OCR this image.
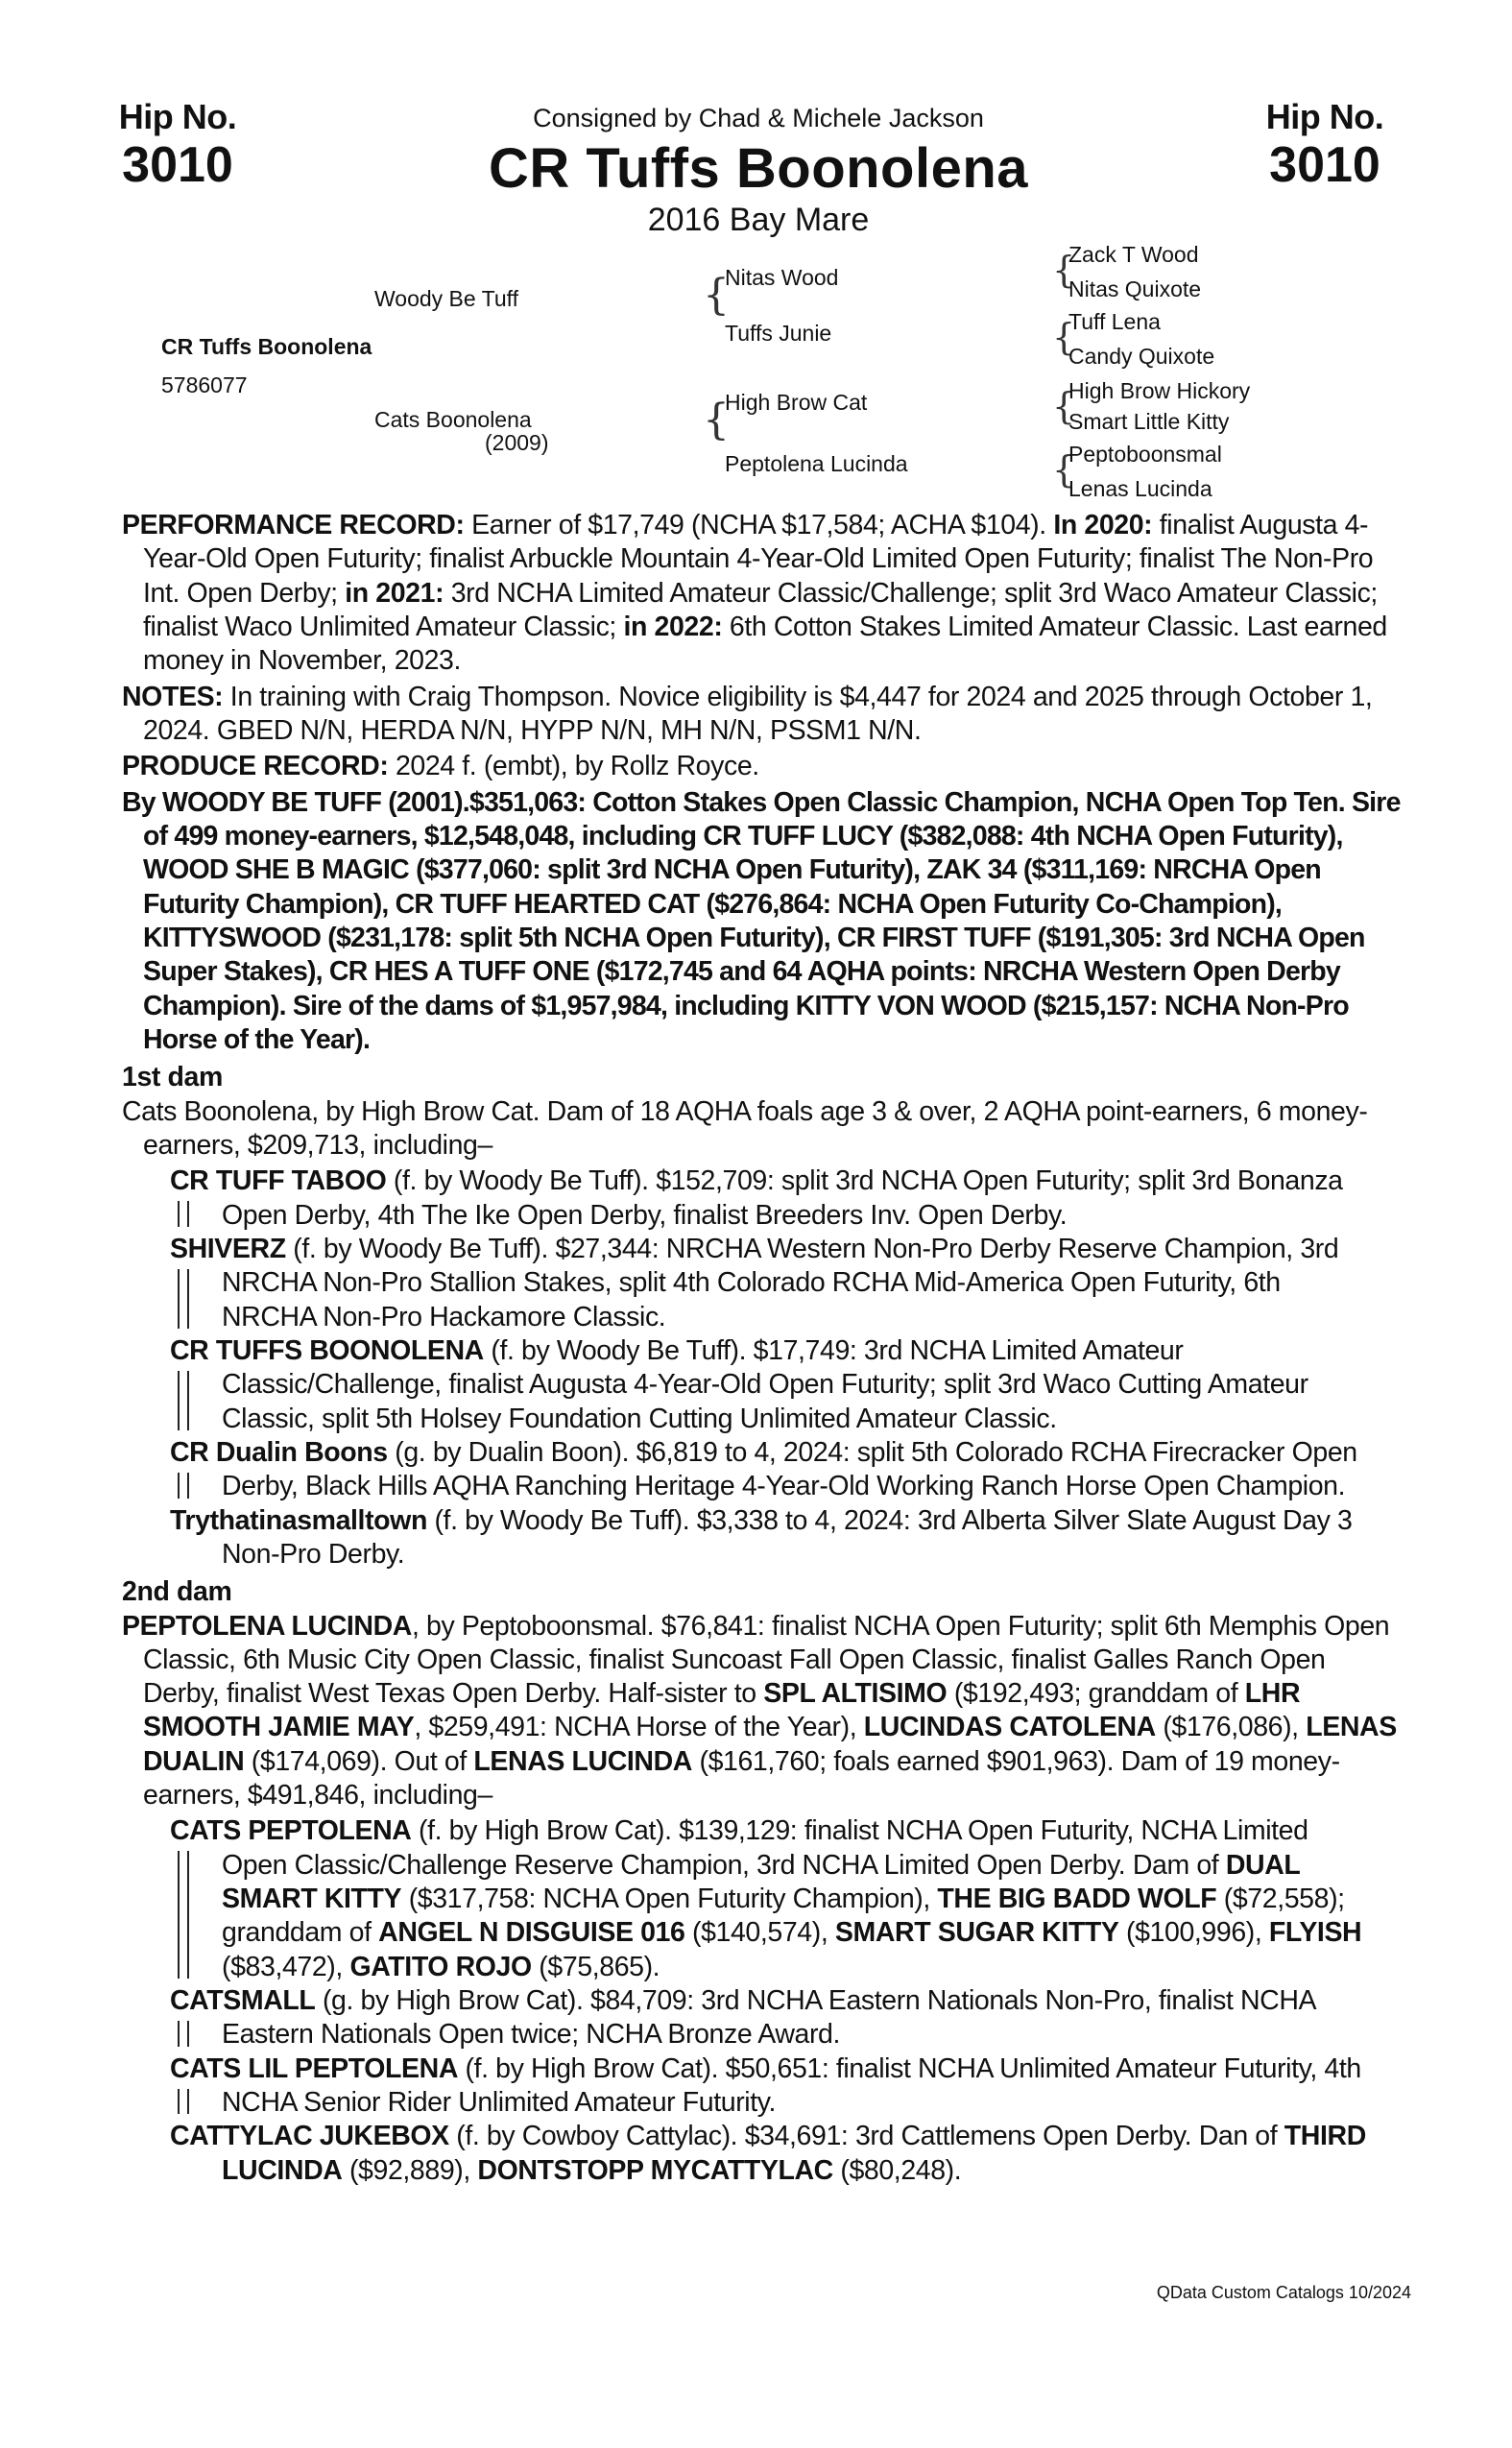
Hip No.
3010
Hip No.
3010
Consigned by Chad & Michele Jackson
CR Tuffs Boonolena
2016 Bay Mare
Woody Be Tuff
CR Tuffs Boonolena
5786077
Cats Boonolena
(2009)
{
Nitas Wood
Tuffs Junie
{
High Brow Cat
Peptolena Lucinda
{
Zack T Wood
Nitas Quixote
{
Tuff Lena
Candy Quixote
{
High Brow Hickory
Smart Little Kitty
{
Peptoboonsmal
Lenas Lucinda

PERFORMANCE RECORD: Earner of $17,749 (NCHA $17,584; ACHA $104). In 2020: finalist Augusta 4-Year-Old Open Futurity; finalist Arbuckle Mountain 4-Year-Old Limited Open Futurity; finalist The Non-Pro Int. Open Derby; in 2021: 3rd NCHA Limited Amateur Classic/Challenge; split 3rd Waco Amateur Classic; finalist Waco Unlimited Amateur Classic; in 2022: 6th Cotton Stakes Limited Amateur Classic. Last earned money in November, 2023.

NOTES: In training with Craig Thompson. Novice eligibility is $4,447 for 2024 and 2025 through October 1, 2024. GBED N/N, HERDA N/N, HYPP N/N, MH N/N, PSSM1 N/N.

PRODUCE RECORD: 2024 f. (embt), by Rollz Royce.

By WOODY BE TUFF (2001).$351,063: Cotton Stakes Open Classic Champion, NCHA Open Top Ten. Sire of 499 money-earners, $12,548,048, including CR TUFF LUCY ($382,088: 4th NCHA Open Futurity), WOOD SHE B MAGIC ($377,060: split 3rd NCHA Open Futurity), ZAK 34 ($311,169: NRCHA Open Futurity Champion), CR TUFF HEARTED CAT ($276,864: NCHA Open Futurity Co-Champion), KITTYSWOOD ($231,178: split 5th NCHA Open Futurity), CR FIRST TUFF ($191,305: 3rd NCHA Open Super Stakes), CR HES A TUFF ONE ($172,745 and 64 AQHA points: NRCHA Western Open Derby Champion). Sire of the dams of $1,957,984, including KITTY VON WOOD ($215,157: NCHA Non-Pro Horse of the Year).

1st dam

Cats Boonolena, by High Brow Cat. Dam of 18 AQHA foals age 3 & over, 2 AQHA point-earners, 6 money-earners, $209,713, including–

CR TUFF TABOO (f. by Woody Be Tuff). $152,709: split 3rd NCHA Open Futurity; split 3rd Bonanza Open Derby, 4th The Ike Open Derby, finalist Breeders Inv. Open Derby.

SHIVERZ (f. by Woody Be Tuff). $27,344: NRCHA Western Non-Pro Derby Reserve Champion, 3rd NRCHA Non-Pro Stallion Stakes, split 4th Colorado RCHA Mid-America Open Futurity, 6th NRCHA Non-Pro Hackamore Classic.

CR TUFFS BOONOLENA (f. by Woody Be Tuff). $17,749: 3rd NCHA Limited Amateur Classic/Challenge, finalist Augusta 4-Year-Old Open Futurity; split 3rd Waco Cutting Amateur Classic, split 5th Holsey Foundation Cutting Unlimited Amateur Classic.

CR Dualin Boons (g. by Dualin Boon). $6,819 to 4, 2024: split 5th Colorado RCHA Firecracker Open Derby, Black Hills AQHA Ranching Heritage 4-Year-Old Working Ranch Horse Open Champion.

Trythatinasmalltown (f. by Woody Be Tuff). $3,338 to 4, 2024: 3rd Alberta Silver Slate August Day 3 Non-Pro Derby.

2nd dam

PEPTOLENA LUCINDA, by Peptoboonsmal. $76,841: finalist NCHA Open Futurity; split 6th Memphis Open Classic, 6th Music City Open Classic, finalist Suncoast Fall Open Classic, finalist Galles Ranch Open Derby, finalist West Texas Open Derby. Half-sister to SPL ALTISIMO ($192,493; granddam of LHR SMOOTH JAMIE MAY, $259,491: NCHA Horse of the Year), LUCINDAS CATOLENA ($176,086), LENAS DUALIN ($174,069). Out of LENAS LUCINDA ($161,760; foals earned $901,963). Dam of 19 money-earners, $491,846, including–

CATS PEPTOLENA (f. by High Brow Cat). $139,129: finalist NCHA Open Futurity, NCHA Limited Open Classic/Challenge Reserve Champion, 3rd NCHA Limited Open Derby. Dam of DUAL SMART KITTY ($317,758: NCHA Open Futurity Champion), THE BIG BADD WOLF ($72,558); granddam of ANGEL N DISGUISE 016 ($140,574), SMART SUGAR KITTY ($100,996), FLYISH ($83,472), GATITO ROJO ($75,865).

CATSMALL (g. by High Brow Cat). $84,709: 3rd NCHA Eastern Nationals Non-Pro, finalist NCHA Eastern Nationals Open twice; NCHA Bronze Award.

CATS LIL PEPTOLENA (f. by High Brow Cat). $50,651: finalist NCHA Unlimited Amateur Futurity, 4th NCHA Senior Rider Unlimited Amateur Futurity.

CATTYLAC JUKEBOX (f. by Cowboy Cattylac). $34,691: 3rd Cattlemens Open Derby. Dan of THIRD LUCINDA ($92,889), DONTSTOPP MYCATTYLAC ($80,248).

QData Custom Catalogs 10/2024
